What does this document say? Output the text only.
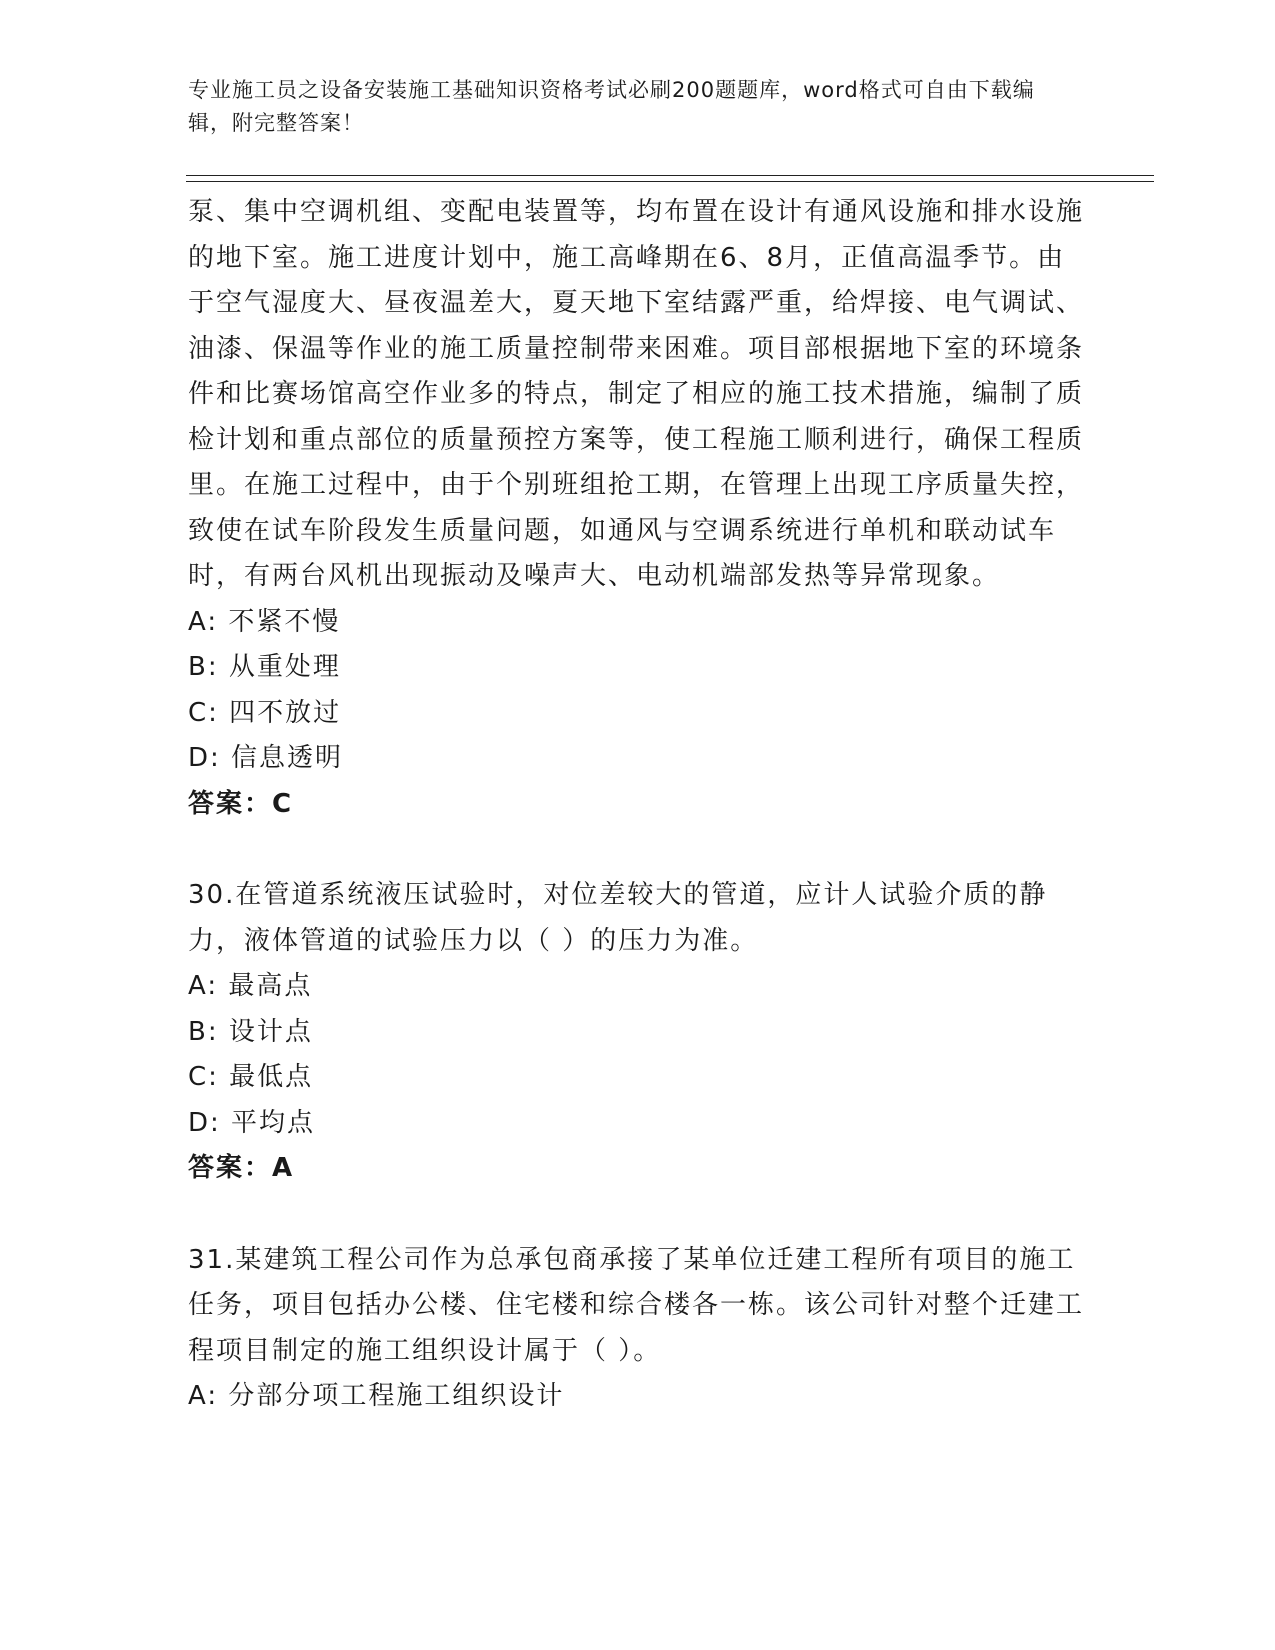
专业施工员之设备安装施工基础知识资格考试必刷200题题库，word格式可自由下载编辑，附完整答案！

泵、集中空调机组、变配电装置等，均布置在设计有通风设施和排水设施的地下室。施工进度计划中，施工高峰期在6、8月，正值高温季节。由于空气湿度大、昼夜温差大，夏天地下室结露严重，给焊接、电气调试、油漆、保温等作业的施工质量控制带来困难。项目部根据地下室的环境条件和比赛场馆高空作业多的特点，制定了相应的施工技术措施，编制了质检计划和重点部位的质量预控方案等，使工程施工顺利进行，确保工程质里。在施工过程中，由于个别班组抢工期，在管理上出现工序质量失控，致使在试车阶段发生质量问题，如通风与空调系统进行单机和联动试车时，有两台风机出现振动及噪声大、电动机端部发热等异常现象。

A: 不紧不慢

B: 从重处理

C: 四不放过

D: 信息透明

答案：C

30.在管道系统液压试验时，对位差较大的管道，应计人试验介质的静力，液体管道的试验压力以（ ）的压力为准。

A: 最高点

B: 设计点

C: 最低点

D: 平均点

答案：A

31.某建筑工程公司作为总承包商承接了某单位迁建工程所有项目的施工任务，项目包括办公楼、住宅楼和综合楼各一栋。该公司针对整个迁建工程项目制定的施工组织设计属于（ ）。

A: 分部分项工程施工组织设计
